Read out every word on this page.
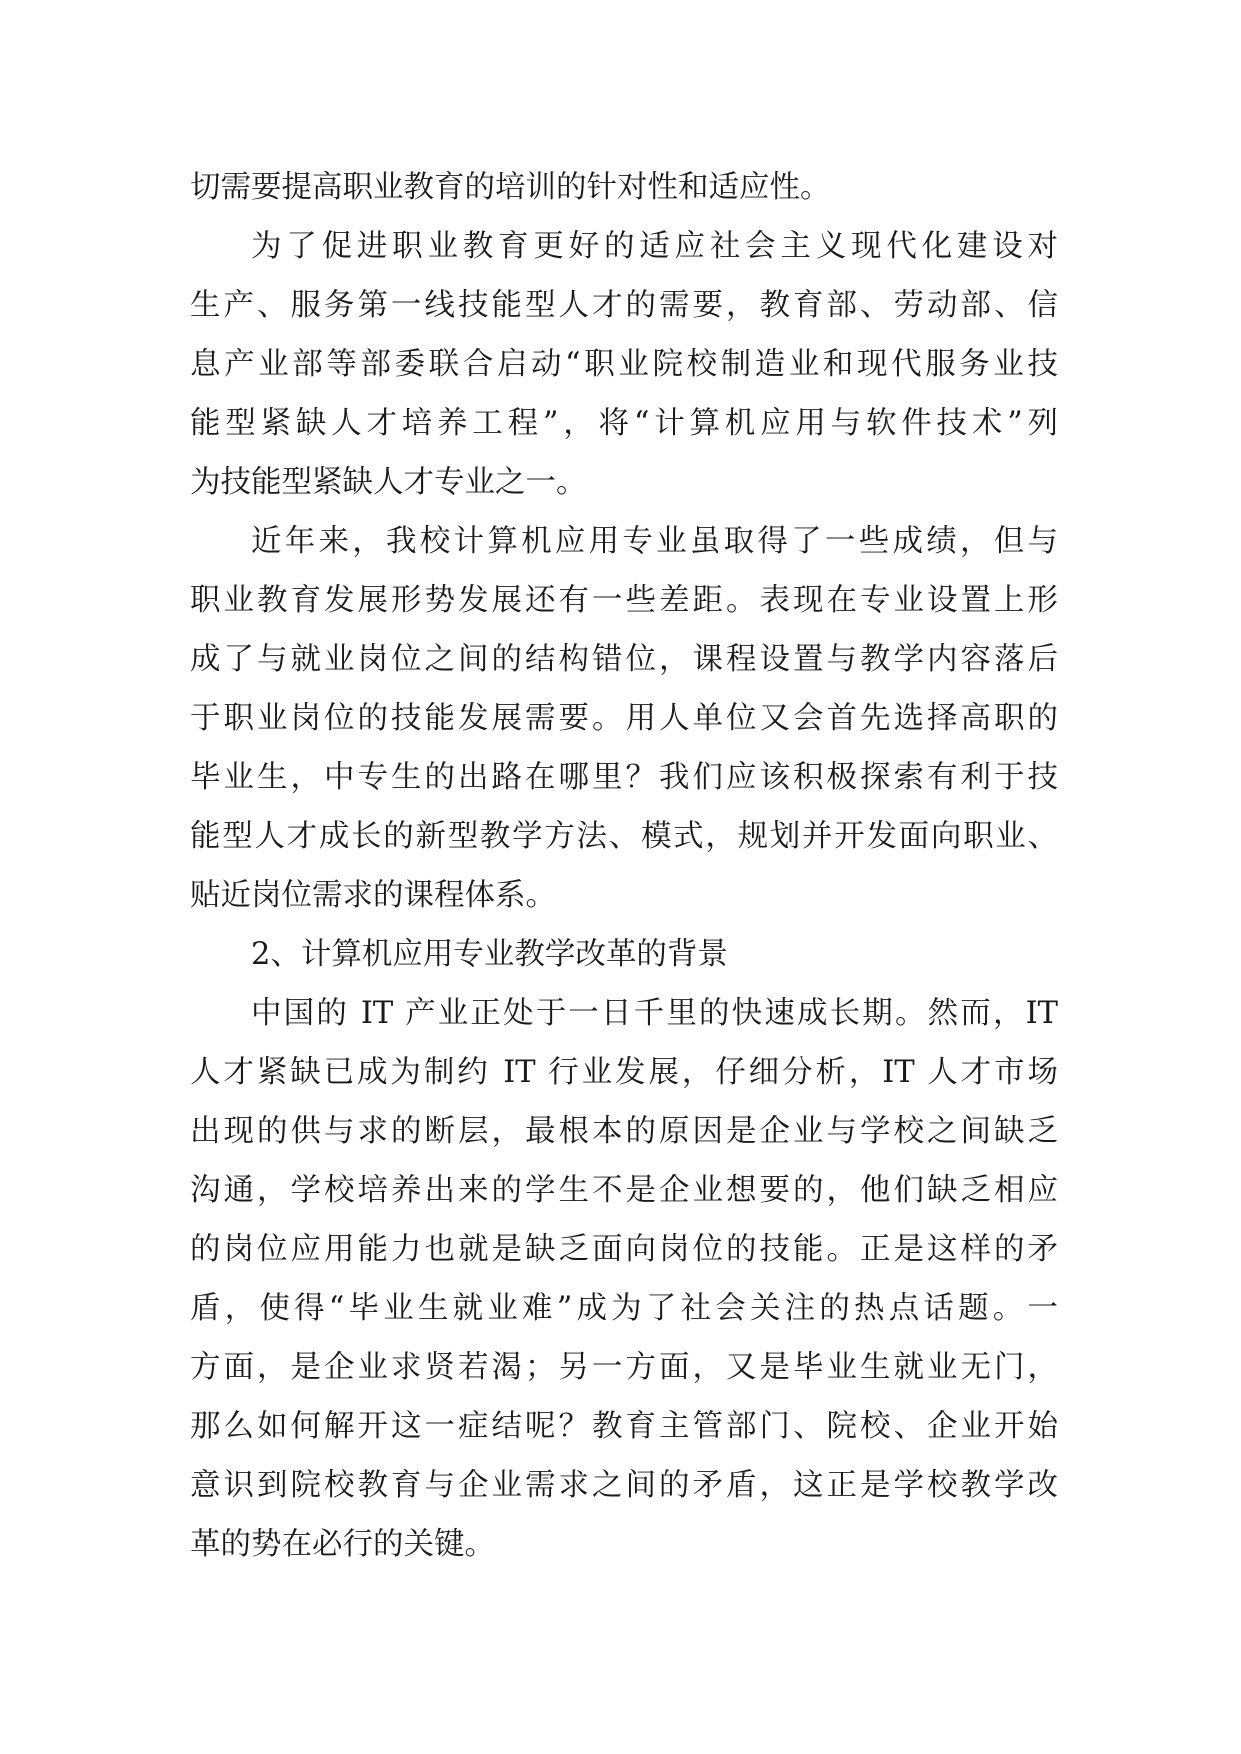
切需要提高职业教育的培训的针对性和适应性。
为了促进职业教育更好的适应社会主义现代化建设对
生产、服务第一线技能型人才的需要，教育部、劳动部、信
息产业部等部委联合启动“职业院校制造业和现代服务业技
能型紧缺人才培养工程”，将“计算机应用与软件技术”列
为技能型紧缺人才专业之一。
近年来，我校计算机应用专业虽取得了一些成绩，但与
职业教育发展形势发展还有一些差距。表现在专业设置上形
成了与就业岗位之间的结构错位，课程设置与教学内容落后
于职业岗位的技能发展需要。用人单位又会首先选择高职的
毕业生，中专生的出路在哪里？我们应该积极探索有利于技
能型人才成长的新型教学方法、模式，规划并开发面向职业、
贴近岗位需求的课程体系。
2、计算机应用专业教学改革的背景
中国的 IT 产业正处于一日千里的快速成长期。然而，IT
人才紧缺已成为制约 IT 行业发展，仔细分析，IT 人才市场
出现的供与求的断层，最根本的原因是企业与学校之间缺乏
沟通，学校培养出来的学生不是企业想要的，他们缺乏相应
的岗位应用能力也就是缺乏面向岗位的技能。正是这样的矛
盾，使得“毕业生就业难”成为了社会关注的热点话题。一
方面，是企业求贤若渴；另一方面，又是毕业生就业无门，
那么如何解开这一症结呢？教育主管部门、院校、企业开始
意识到院校教育与企业需求之间的矛盾，这正是学校教学改
革的势在必行的关键。
